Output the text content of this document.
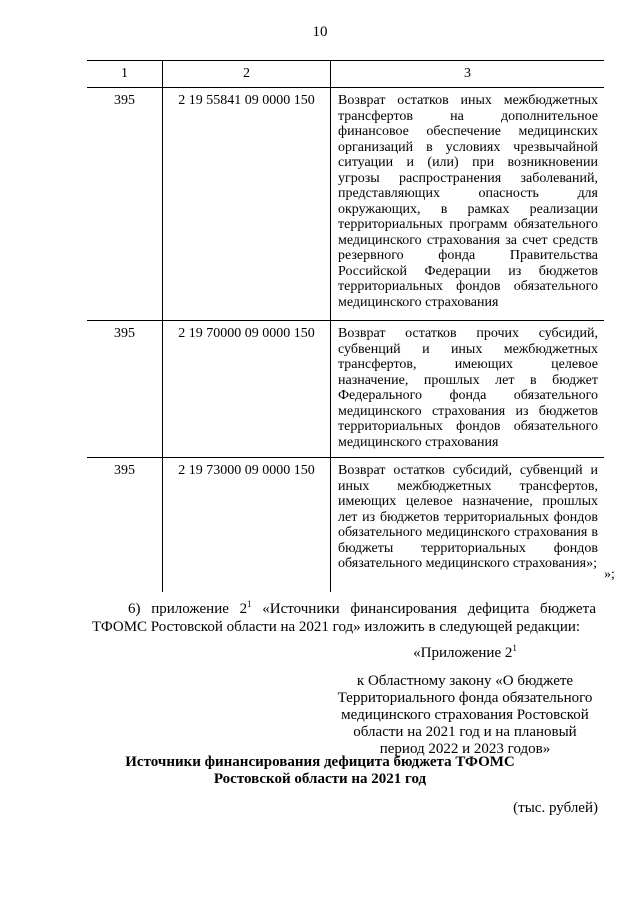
10
1	2	3

395	2 19 55841 09 0000 150	Возврат остатков иных межбюджетных трансфертов на дополнительное финансовое обеспечение медицинских организаций в условиях чрезвычайной ситуации и (или) при возникновении угрозы распространения заболеваний, представляющих опасность для окружающих, в рамках реализации территориальных программ обязательного медицинского страхования за счет средств резервного фонда Правительства Российской Федерации из бюджетов территориальных фондов обязательного медицинского страхования

395	2 19 70000 09 0000 150	Возврат остатков прочих субсидий, субвенций и иных межбюджетных трансфертов, имеющих целевое назначение, прошлых лет в бюджет Федерального фонда обязательного медицинского страхования из бюджетов территориальных фондов обязательного медицинского страхования

395	2 19 73000 09 0000 150	Возврат остатков субсидий, субвенций и иных межбюджетных трансфертов, имеющих целевое назначение, прошлых лет из бюджетов территориальных фондов обязательного медицинского страхования в бюджеты территориальных фондов обязательного медицинского страхования»;
»;
6) приложение $2^1$ «Источники финансирования дефицита бюджета ТФОМС Ростовской области на 2021 год» изложить в следующей редакции:
«Приложение $2^1$
к Областному закону «О бюджете
Территориального фонда обязательного
медицинского страхования Ростовской
области на 2021 год и на плановый
период 2022 и 2023 годов»
Источники финансирования дефицита бюджета ТФОМС
Ростовской области на 2021 год
(тыс. рублей)
